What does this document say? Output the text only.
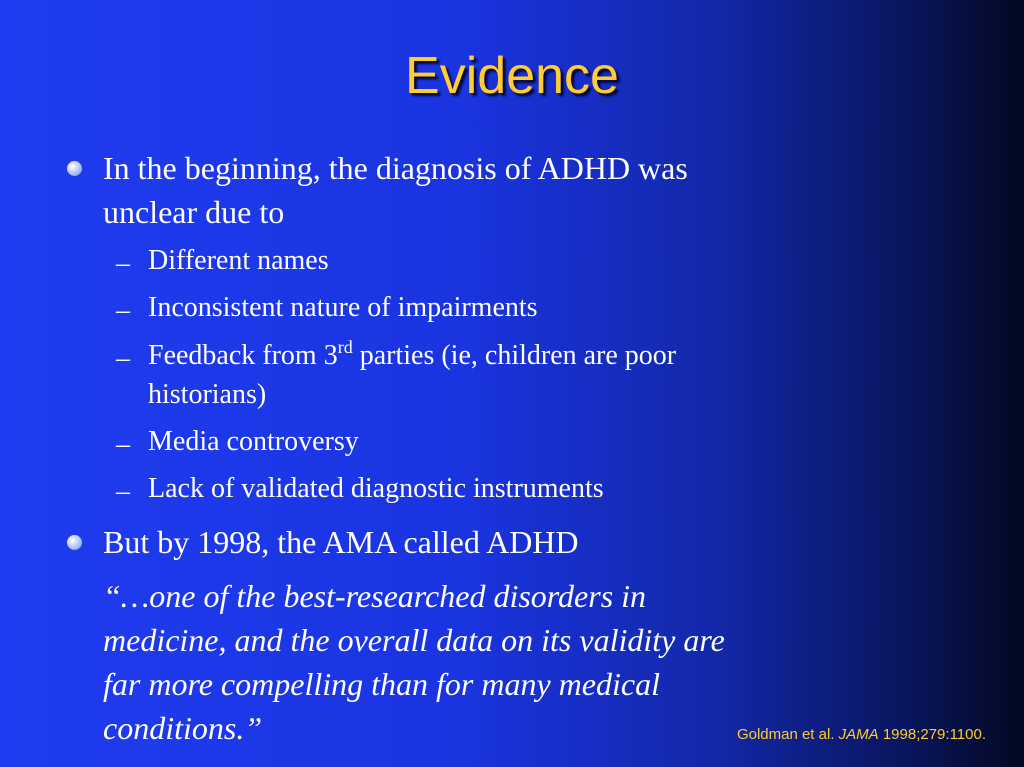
Evidence
In the beginning, the diagnosis of ADHD was
unclear due to
– Different names
– Inconsistent nature of impairments
– Feedback from 3rd parties (ie, children are poor
historians)
– Media controversy
– Lack of validated diagnostic instruments
But by 1998, the AMA called ADHD
“…one of the best-researched disorders in
medicine, and the overall data on its validity are
far more compelling than for many medical
conditions.”	Goldman et al. JAMA 1998;279:1100.
